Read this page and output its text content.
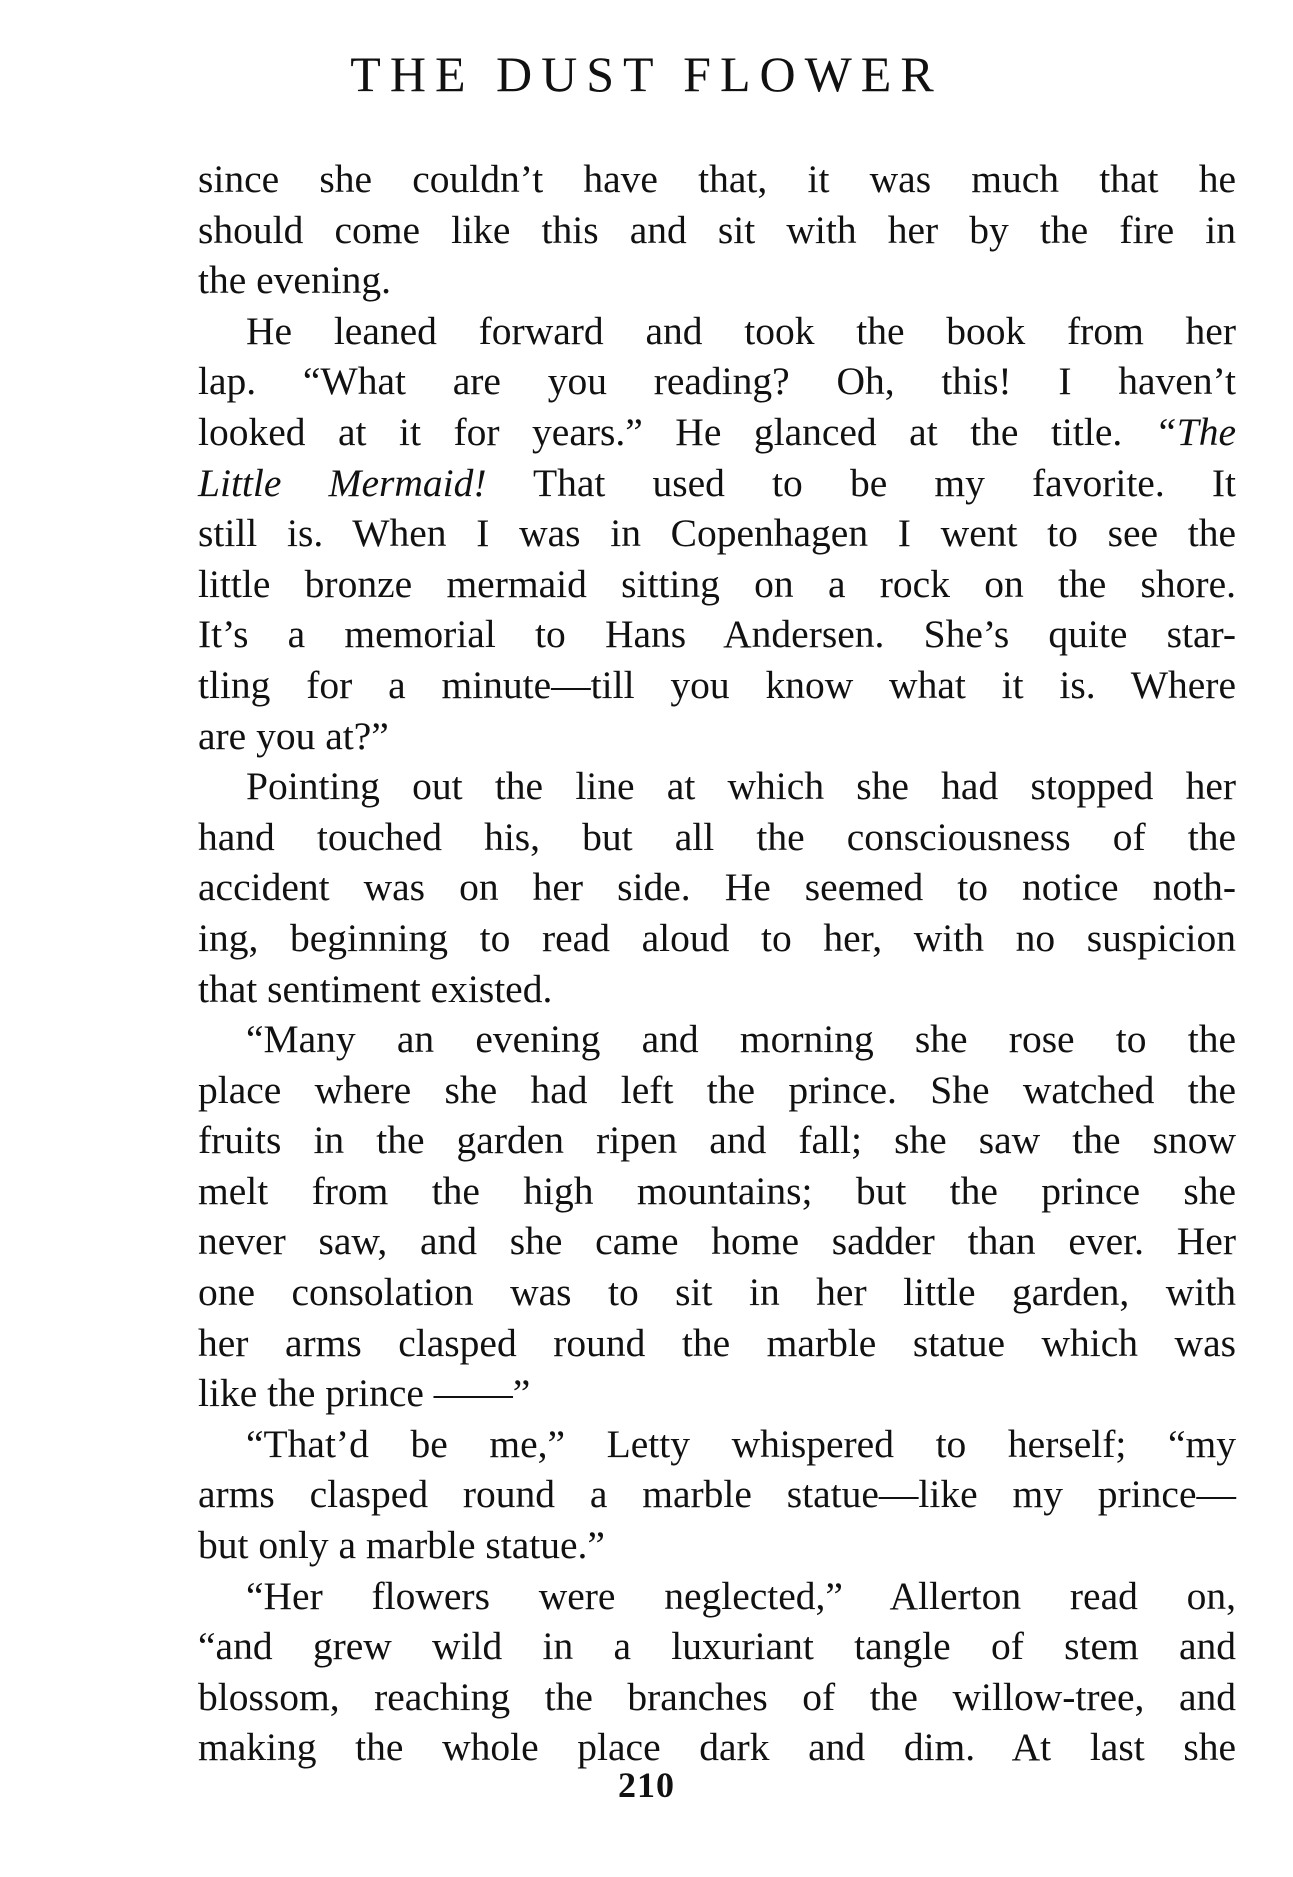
THE DUST FLOWER
since she couldn’t have that, it was much that he
should come like this and sit with her by the fire in
the evening.
He leaned forward and took the book from her
lap. “What are you reading? Oh, this! I haven’t
looked at it for years.” He glanced at the title. “The
Little Mermaid! That used to be my favorite. It
still is. When I was in Copenhagen I went to see the
little bronze mermaid sitting on a rock on the shore.
It’s a memorial to Hans Andersen. She’s quite star-
tling for a minute—till you know what it is. Where
are you at?”
Pointing out the line at which she had stopped her
hand touched his, but all the consciousness of the
accident was on her side. He seemed to notice noth-
ing, beginning to read aloud to her, with no suspicion
that sentiment existed.
“Many an evening and morning she rose to the
place where she had left the prince. She watched the
fruits in the garden ripen and fall; she saw the snow
melt from the high mountains; but the prince she
never saw, and she came home sadder than ever. Her
one consolation was to sit in her little garden, with
her arms clasped round the marble statue which was
like the prince ——”
“That’d be me,” Letty whispered to herself; “my
arms clasped round a marble statue—like my prince—
but only a marble statue.”
“Her flowers were neglected,” Allerton read on,
“and grew wild in a luxuriant tangle of stem and
blossom, reaching the branches of the willow-tree, and
making the whole place dark and dim. At last she
210
